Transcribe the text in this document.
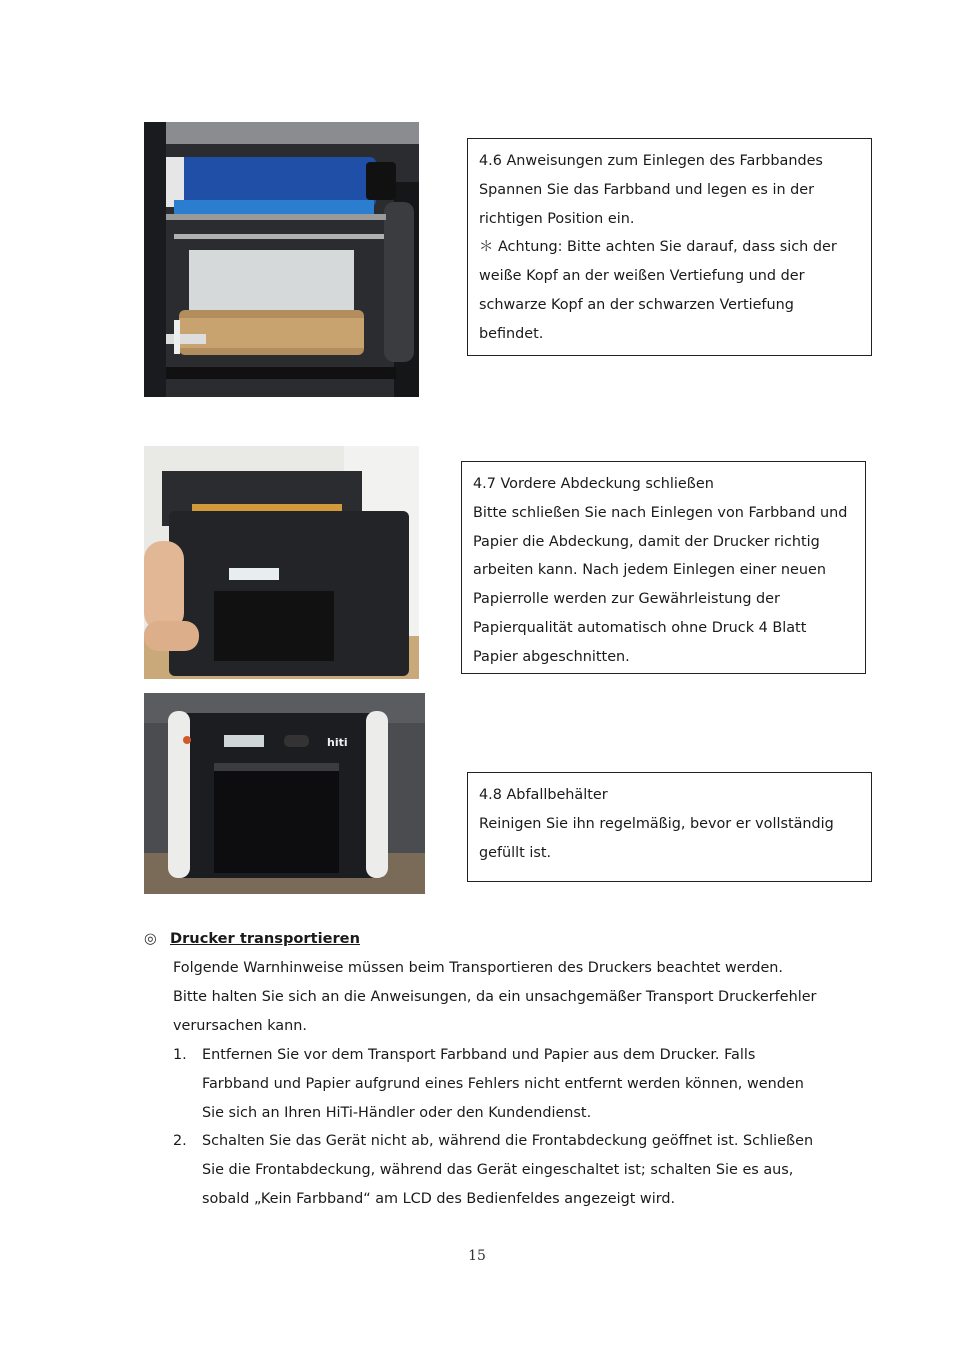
4.6 Anweisungen zum Einlegen des Farbbandes
Spannen Sie das Farbband und legen es in der
richtigen Position ein.
＊ Achtung: Bitte achten Sie darauf, dass sich der
weiße Kopf an der weißen Vertiefung und der
schwarze Kopf an der schwarzen Vertiefung
befindet.
4.7 Vordere Abdeckung schließen
Bitte schließen Sie nach Einlegen von Farbband und
Papier die Abdeckung, damit der Drucker richtig
arbeiten kann. Nach jedem Einlegen einer neuen
Papierrolle werden zur Gewährleistung der
Papierqualität automatisch ohne Druck 4 Blatt
Papier abgeschnitten.
hiti
4.8 Abfallbehälter
Reinigen Sie ihn regelmäßig, bevor er vollständig
gefüllt ist.
◎ Drucker transportieren
Folgende Warnhinweise müssen beim Transportieren des Druckers beachtet werden.
Bitte halten Sie sich an die Anweisungen, da ein unsachgemäßer Transport Druckerfehler
verursachen kann.
1. Entfernen Sie vor dem Transport Farbband und Papier aus dem Drucker. Falls
Farbband und Papier aufgrund eines Fehlers nicht entfernt werden können, wenden
Sie sich an Ihren HiTi-Händler oder den Kundendienst.
2. Schalten Sie das Gerät nicht ab, während die Frontabdeckung geöffnet ist. Schließen
Sie die Frontabdeckung, während das Gerät eingeschaltet ist; schalten Sie es aus,
sobald „Kein Farbband“ am LCD des Bedienfeldes angezeigt wird.
15
